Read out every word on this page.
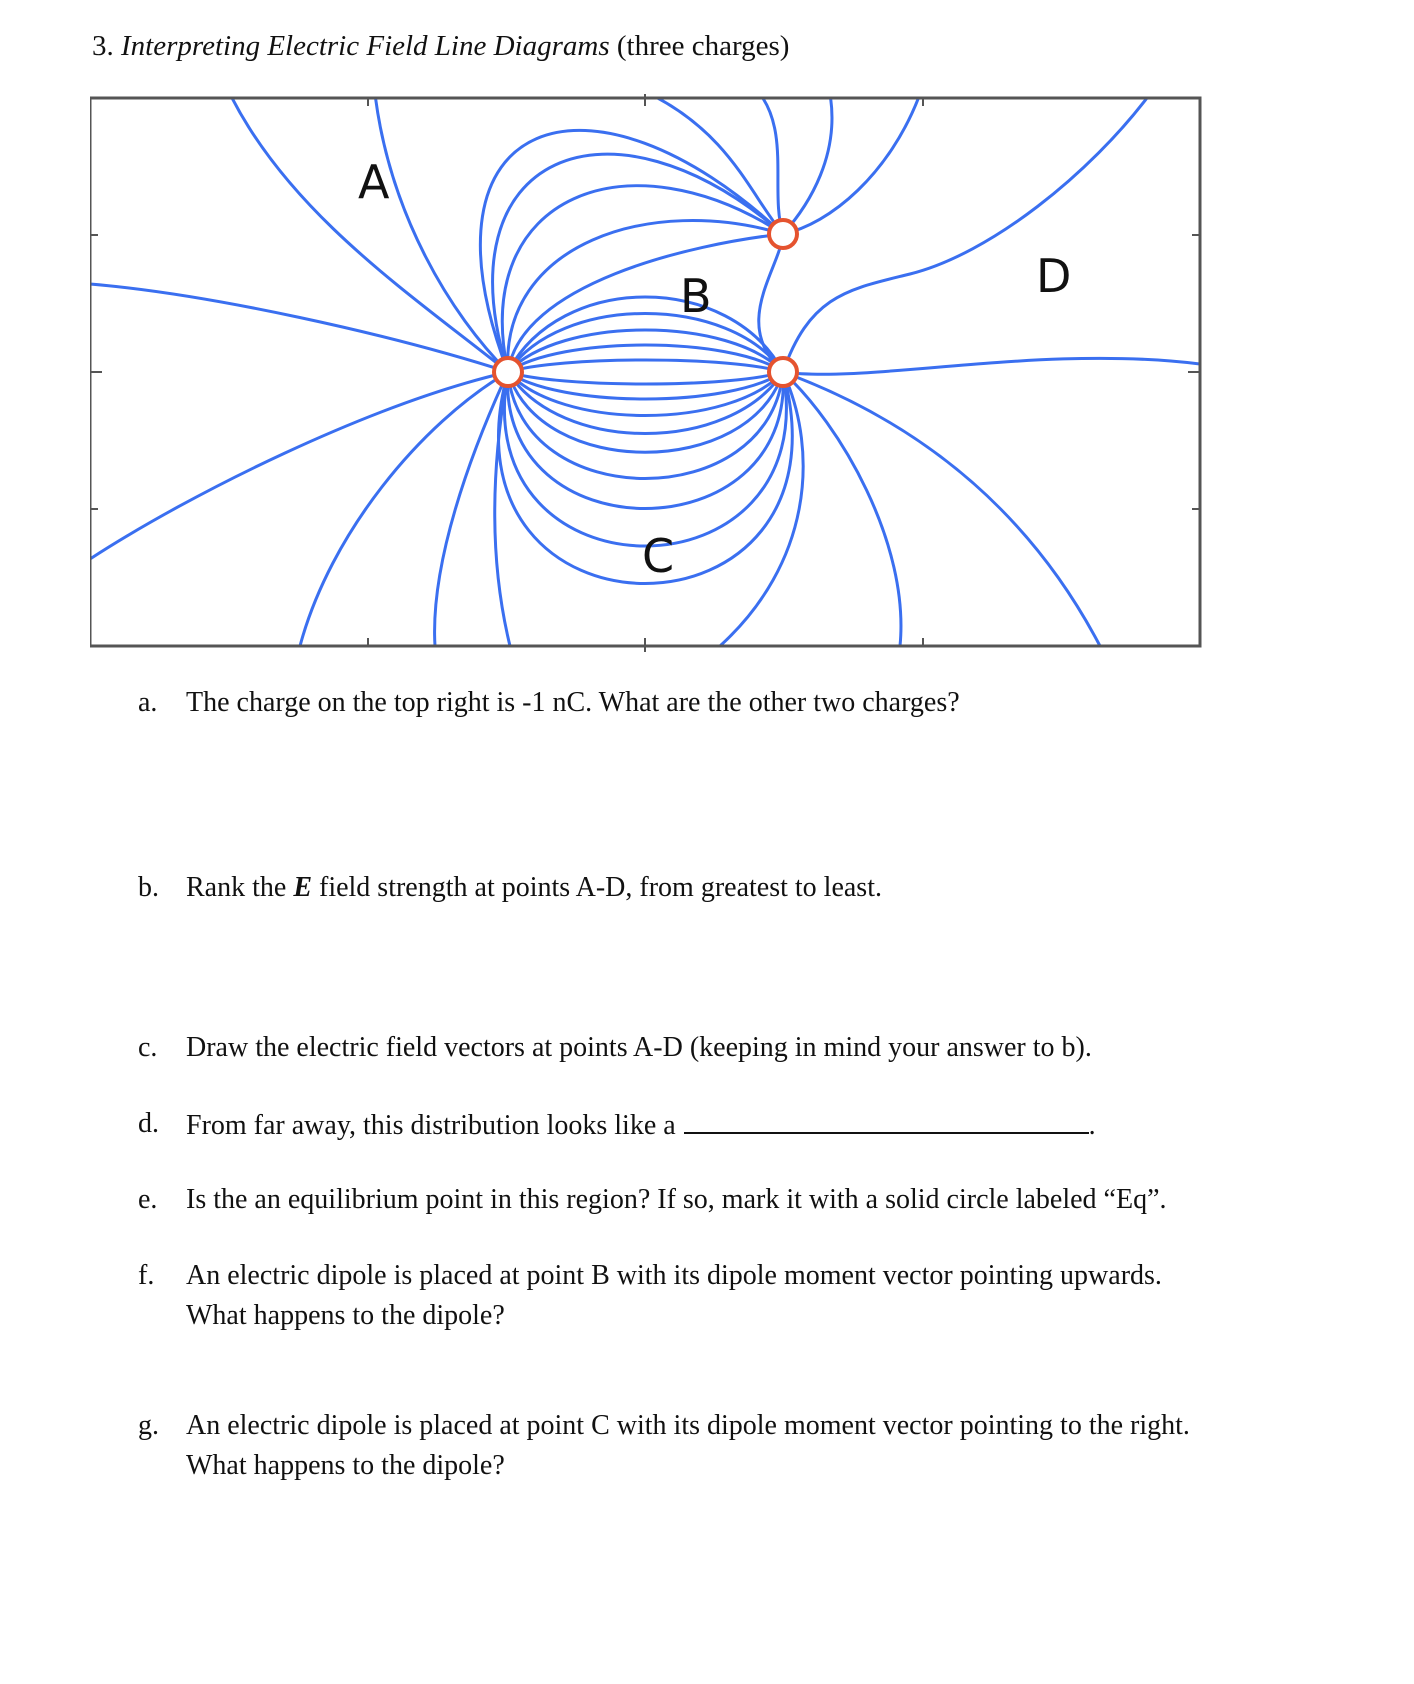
3. Interpreting Electric Field Line Diagrams (three charges)
A
B
C
D
a. The charge on the top right is -1 nC. What are the other two charges?
b. Rank the E field strength at points A-D, from greatest to least.
c. Draw the electric field vectors at points A-D (keeping in mind your answer to b).
d. From far away, this distribution looks like a	.
e. Is the an equilibrium point in this region? If so, mark it with a solid circle labeled “Eq”.
f. An electric dipole is placed at point B with its dipole moment vector pointing upwards.
What happens to the dipole?
g. An electric dipole is placed at point C with its dipole moment vector pointing to the right.
What happens to the dipole?
